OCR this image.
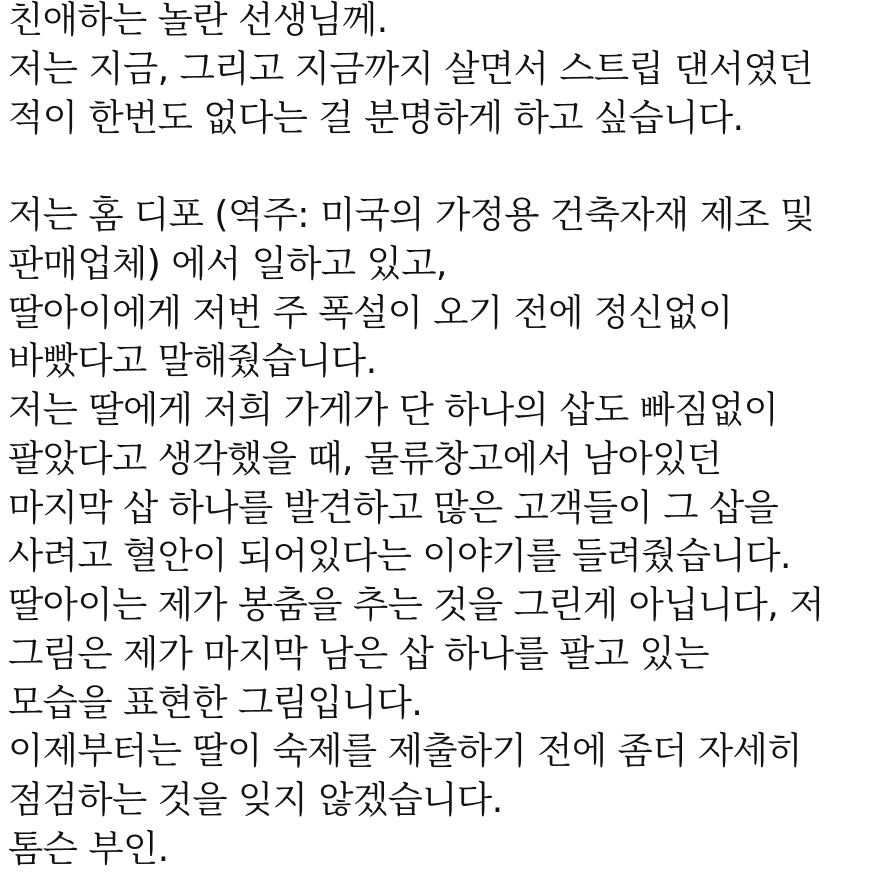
친애하는 놀란 선생님께.
저는 지금, 그리고 지금까지 살면서 스트립 댄서였던
적이 한번도 없다는 걸 분명하게 하고 싶습니다.
저는 홈 디포 (역주: 미국의 가정용 건축자재 제조 및
판매업체) 에서 일하고 있고,
딸아이에게 저번 주 폭설이 오기 전에 정신없이
바빴다고 말해줬습니다.
저는 딸에게 저희 가게가 단 하나의 삽도 빠짐없이
팔았다고 생각했을 때, 물류창고에서 남아있던
마지막 삽 하나를 발견하고 많은 고객들이 그 삽을
사려고 혈안이 되어있다는 이야기를 들려줬습니다.
딸아이는 제가 봉춤을 추는 것을 그린게 아닙니다, 저
그림은 제가 마지막 남은 삽 하나를 팔고 있는
모습을 표현한 그림입니다.
이제부터는 딸이 숙제를 제출하기 전에 좀더 자세히
점검하는 것을 잊지 않겠습니다.
톰슨 부인.
